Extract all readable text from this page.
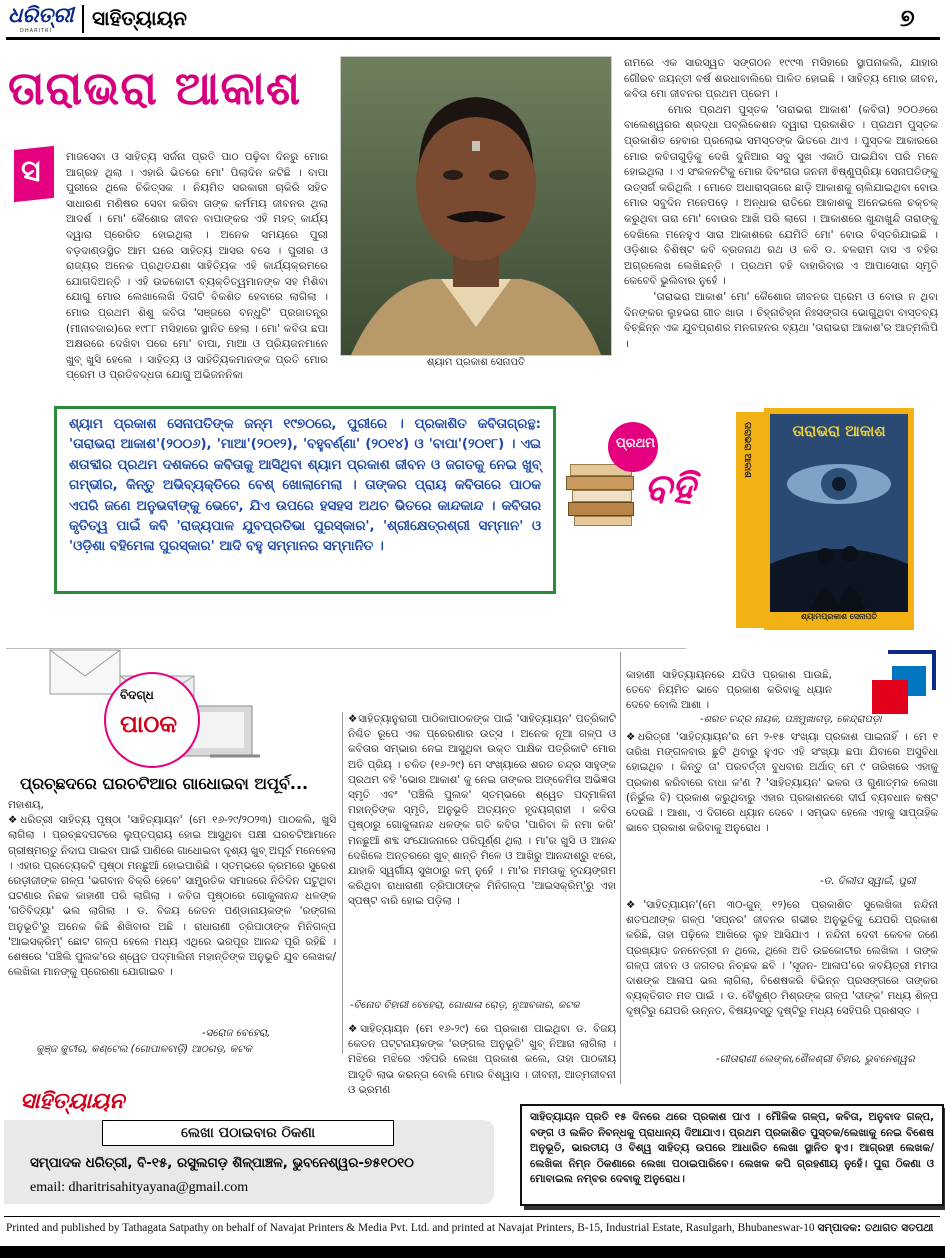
ଧରିତ୍ରୀ
DHARITRI
ସାହିତ୍ୟାୟନ	୭
ତାରାଭରା ଆକାଶ
ସ ମାଜସେବା ଓ ସାହିତ୍ୟ ସର୍ଜନା ପ୍ରତି ପାଠ ପଢ଼ିବା ଦିନରୁ ମୋର ଆଗ୍ରହ ଥିଲା । ଏହାରି ଭିତରେ ମୋ' ପିଲାଦିନ କଟିଛି । ବାପା ପୁରୀରେ ଥିଲେ ଚିକିତ୍ସକ । ନିୟମିତ ସରକାରୀ ଚାକିରି ସହିତ ସାଧାରଣ ମଣିଷର ସେବା କରିବା ତାଙ୍କ କର୍ମମୟ ଜୀବନର ଥିଲା ଆଦର୍ଶ । ମୋ' କୈଶୋର ଜୀବନ ବାପାଙ୍କର ଏହି ମହତ୍ କାର୍ଯ୍ୟ ଦ୍ୱାରା ପ୍ରେରିତ ହୋଇଥିଲା । ଅନେକ ସମୟରେ ପୁରୀ ବଡ଼ଦାଣ୍ଡସ୍ଥିତ ଆମ ଘରେ ସାହିତ୍ୟ ଆସର ବସେ । ପୁରୀର ଓ ରାଜ୍ୟର ଅନେକ ପ୍ରଥିତଯଶା ସାହିତ୍ୟିକ ଏହି କାର୍ଯ୍ୟକ୍ରମରେ ଯୋଗଦିଅନ୍ତି । ଏହି ଉଚ୍ଚକୋଟୀ ବ୍ୟକ୍ତିତ୍ୱମାନଙ୍କ ସହ ମିଶିବା ଯୋଗୁ ମୋର ଲେଖାଲେଖି ଦିଗଟି ବିକଶିତ ହେବାରେ ଲାଗିଲା । ମୋର ପ୍ରଥମ ଶିଶୁ କବିତା 'ସଞ୍ଜରେ ବନ୍ଧୁଟି' ପ୍ରଜାତନ୍ତ୍ର (ମୀନାବଜାର)ରେ ୧୯୮୮ ମସିହାରେ ସ୍ଥାନିତ ହେଲା । ମୋ' କବିତା ଛପା ଅକ୍ଷରରେ ଦେଖିବା ପରେ ମୋ' ବାପା, ମାଆ ଓ ପ୍ରିୟଜନମାନେ ଖୁବ୍ ଖୁସି ହେଲେ । ସାହିତ୍ୟ ଓ ସାହିତ୍ୟିକମାନଙ୍କ ପ୍ରତି ମୋର ପ୍ରେମ ଓ ପ୍ରତିବଦ୍ଧତା ଯୋଗୁ ଅଭିଜନନିକା
ଶ୍ୟାମ ପ୍ରକାଶ ସେନାପତି
ନାମରେ ଏକ ସାରସ୍ୱତ ସଙ୍ଗଠନ ୧୯୯୩ ମସିହାରେ ସ୍ଥାପନାକଲି, ଯାହାର ଗୌରବ ଜୟନ୍ତୀ ବର୍ଷ ଶରଧାବାଲିରେ ପାଳିତ ହୋଇଛି । ସାହିତ୍ୟ ମୋର ଜୀବନ, କବିତା ମୋ ଜୀବନର ପ୍ରଥମ ପ୍ରେମ ।
ମୋର ପ୍ରଥମ ପୁସ୍ତକ 'ତାରାଭରା ଆକାଶ' (କବିତା) ୨୦୦୬ରେ ବାଲେଶ୍ୱରର ଶ୍ରଦ୍ଧା ପବ୍ଲିକେଶନ ଦ୍ୱାରା ପ୍ରକାଶିତ । ପ୍ରଥମ ପୁସ୍ତକ ପ୍ରକାଶିତ ହେବାର ପ୍ରଲୋଭ ସମସ୍ତଙ୍କ ଭିତରେ ଥାଏ । ପୁସ୍ତକ ଆକାରରେ ମୋର କବିତାଗୁଡ଼ିକୁ ଦେଖି ଦୁନିଆର ସବୁ ସୁଖ ଏକାଠି ପାଇଯିବା ପରି ମନେ ହୋଇଥିଲା । ଏ ସଂକଳନଟିକୁ ମୋର ଦିବଂଗତା ଜନନୀ ଵିଷ୍ଣୁପ୍ରିୟା ସେନାପତିଙ୍କୁ ଉତ୍ସର୍ଗ କରିଥିଲି । ମୋତେ ଅଧାରାସ୍ତାରେ ଛାଡ଼ି ଆକାଶକୁ ଚାଲିଯାଇଥିବା ବୋଉ ମୋର ସବୁଦିନ ମନେପଡ଼େ । ଅନ୍ଧାର ରାତିରେ ଆକାଶକୁ ଅନେଇଲେ ଚକ୍‌ଚକ୍ କରୁଥିବା ତାରା ମୋ' ବୋଉର ଆଖି ପରି ଲାଗେ । ଆକାଶରେ ଖୁନ୍ଦାଖୁନ୍ଦି ତାରାଙ୍କୁ ଦେଖିଲେ ମନେହୁଏ ସାରା ଆକାଶରେ ଯେମିତି ମୋ' ବୋଉ ବିସ୍ତରିଯାଇଛି । ଓଡ଼ିଶାର ବିଶିଷ୍ଟ କବି ବ୍ରଜନାଥ ରଥ ଓ କବି ଡ. ବଳରାମ ଦାସ ଏ ବହିର ଅଗ୍ରଲେଖ ଲେଖିଛନ୍ତି । ପ୍ରଥମ ବହି ବାହାରିବାର ଏ ଆପାସୋରା ସ୍ମୃତି କେବେବି ଭୁଲିବାର ନୁହେଁ ।
'ତାରାଭରା ଆକାଶ' ମୋ' କୈଶୋର ଜୀବନର ପ୍ରେମ ଓ ବୋଉ ନ ଥିବା ଦିନଙ୍କର ଲୁହଭରା ଗୀତ ଖାତା । ଚିହ୍ନାଚିହ୍ନା ନିଃସଙ୍ଗତା ଭୋଗୁଥିବା ବାସ୍ତବ୍ୟ ବିଚ୍ଛିନ୍ନ ଏକ ଯୁବପ୍ରାଣର ମନଗହନର ବ୍ୟଥା 'ତାରାଭରା ଆକାଶ'ର ଆତ୍ମଲିପି ।
ଶ୍ୟାମ ପ୍ରକାଶ ସେନାପତିଙ୍କ ଜନ୍ମ ୧୯୭୦ରେ, ପୁରୀରେ । ପ୍ରକାଶିତ କବିତାଗ୍ରନ୍ଥ: 'ତାରାଭରା ଆକାଶ'(୨୦୦୬), 'ମାଆ'(୨୦୧୨), 'ବହୁବର୍ଣ୍ଣା' (୨୦୧୪) ଓ 'ବାପା'(୨୦୧୮) । ଏଇ ଶତାବ୍ଦୀର ପ୍ରଥମ ଦଶକରେ କବିତାକୁ ଆସିଥିବା ଶ୍ୟାମ ପ୍ରକାଶ ଜୀବନ ଓ ଜଗତକୁ ନେଇ ଖୁବ୍ ଗମ୍ଭୀର, କିନ୍ତୁ ଅଭିବ୍ୟକ୍ତିରେ ବେଶ୍ ଖୋଲାମେଲା । ତାଙ୍କର ପ୍ରାୟ କବିତାରେ ପାଠକ ଏପରି ଜଣେ ଅନୁଭବୀଙ୍କୁ ଭେଟେ, ଯିଏ ଉପରେ ହସହସ ଅଥଚ ଭିତରେ କାନ୍ଦକାନ୍ଦ । କବିତାର କୃତିତ୍ୱ ପାଇଁ କବି 'ରାଜ୍ୟପାଳ ଯୁବପ୍ରତିଭା ପୁରସ୍କାର', 'ଶ୍ରୀକ୍ଷେତ୍ରଶ୍ରୀ ସମ୍ମାନ' ଓ 'ଓଡ଼ିଶା ବହିମେଳା ପୁରସ୍କାର' ଆଦି ବହୁ ସମ୍ମାନର ସମ୍ମାନିତ ।
ପ୍ରଥମ
ବହି
ତାରାଭରା ଆକାଶ	ତାରାଭରା ଆକାଶ
ଶ୍ୟାମପ୍ରକାଶ ସେନାପତି
ବିଦଗ୍ଧ
ପାଠକ
ପ୍ରଚ୍ଛଦରେ ଘରଚଟିଆର ଗାଧୋଇବା ଅପୂର୍ବ...
ମହାଶୟ,
❖ଧରିତ୍ରୀ ସାହିତ୍ୟ ପୃଷ୍ଠା 'ସାହିତ୍ୟାୟନ' (ମେ ୧୬-୨୯/୨୦୨୩) ପାଠକଲି, ଖୁସି ଲାଗିଲା । ପ୍ରଚ୍ଛଦପଟରେ ଲୁପ୍ତପ୍ରାୟ ହୋଇ ଆସୁଥିବା ପକ୍ଷୀ ଘରଚଟିଆମାନେ ଗ୍ରୀଷ୍ମଋତୁ ନିଦାଘ ପାଇବା ପାଇଁ ପାଣିରେ ଗାଧୋଇବା ଦୃଶ୍ୟ ଖୁବ୍ ଅପୂର୍ବ ମନେହେଲା । ଏହାର ପ୍ରତ୍ୟେକଟି ପୃଷ୍ଠା ମନଛୁଆଁ ହୋଇପାରିଛି । ସ୍ତମ୍ଭରେ କ୍ରମରେ ସୁରେଶ ରେଡ଼ୀଜୀଙ୍କ ଗଳ୍ପ 'ଭଗବାନ ବିକ୍ରି ହେବେ' ସାମ୍ପ୍ରତିକ ସମାଜରେ ନିତିଦିନ ଘଟୁଥିବା ଘଟଣାର ନିଛକ କାହାଣୀ ପରି ଲାଗିଲା । କବିତା ପୃଷ୍ଠାରେ ଗୋକୁଳାନନ୍ଦ ଧଳଙ୍କ 'ଗତିବିଦ୍ୟା' ଭଲ ଲାଗିଲା । ଡ. ବିଜୟ କେତନ ପଣ୍ଡାନାୟକଙ୍କ 'ରଙ୍ଗଲ ଅନୁଭୂତି'ରୁ ଅନେକ କିଛି ଶିଖିବାର ଅଛି । ରାଧାରାଣୀ ତ୍ରିପାଠୀଙ୍କ ମିନିଗଳ୍ପ 'ଆଇସକ୍ରିମ୍' ଛୋଟ ଗଳ୍ପ ହେଲେ ମଧ୍ୟ ଏଥିରେ ଭରପୂର ଆନନ୍ଦ ପୂରି ରହିଛି । ଶେଷରେ 'ପଞ୍ଚିଲି ପୁଲକ'ରେ ଶ୍ୱେତ ପଦ୍ମାଲିନୀ ମହାନ୍ତିଙ୍କ ଅନୁଭୂତି ଯୁବ ଲେଖକ/ଲେଖିକା ମାନଙ୍କୁ ପ୍ରେରଣା ଯୋଗାଇବ ।
-ସରୋଜ ବେହେରା,
କୁଞ୍ଜ କୁଟୀର, କଣ୍ଟେଲ (ଗୋପାଳବାଡ଼ି) ଆଠଗଡ଼, କଟକ
❖ସାହିତ୍ୟାନୁରାଗୀ ପାଠିକାପାଠକଙ୍କ ପାଇଁ 'ସାହିତ୍ୟାୟନ' ପତ୍ରିକାଟି ନିଶ୍ଚିତ ରୂପେ ଏକ ପ୍ରେରଣାର ଉତ୍ସ । ଅନେକ ନୂଆ ଗଳ୍ପ ଓ କବିତାର ସମ୍ଭାର ନେଇ ଆସୁଥିବା ଉକ୍ତ ପାକ୍ଷିକ ପତ୍ରିକାଟି ମୋର ଅତି ପ୍ରିୟ । ଚଳିତ (୧୬-୨୯) ମେ ସଂଖ୍ୟାରେ ଶରତ ଚନ୍ଦ୍ର ସାହୁଙ୍କ ପ୍ରଥମ ବହି 'ଭୋର ଆକାଶ' କୁ ନେଇ ତାଙ୍କର ଅଙ୍କେମିତା ଅଭିଜ୍ଞତା ସ୍ମୃତି ଏବଂ 'ପଞ୍ଚିଲି ପୁଲକ' ସ୍ତମ୍ଭରେ ଶ୍ୱେତ ପଦ୍ମାଳିନୀ ମହାନ୍ତିଙ୍କ ସ୍ମୃତି, ଅନୁଭୂତି ଅତ୍ୟନ୍ତ ହୃଦୟଗ୍ରାହୀ । କବିତା ପୃଷ୍ଠାରୁ ଗୋକୁଳାନନ୍ଦ ଧଳଙ୍କ ଗତି କବିତା 'ପାରିବା କି ନମା କରି' ମନଛୁଆଁ ଶବ୍ଦ ସଂଯୋଜନାରେ ପରିପୂର୍ଣ୍ଣ ଥିଲା । ମା'ର ଖୁସି ଓ ଆନନ୍ଦ ଦେଖିଲେ ଅନ୍ତରରେ ଖୁବ୍ ଶାନ୍ତି ମିଳେ ଓ ଆଖିରୁ ଆନନ୍ଦାଶ୍ରୁ ଝରେ, ଯାହାକି ସ୍ୱର୍ଗୀୟ ସୁଖଠାରୁ କମ୍ ନୁହେଁ । ମା'ର ମମତାକୁ ହୃଦୟଙ୍ଗମ କରିଥିବା ରାଧାରାଣୀ ତ୍ରିପାଠୀଙ୍କ ମିନିଗଳ୍ପ 'ଆଇସକ୍ରିମ୍'ରୁ ଏହା ସ୍ପଷ୍ଟ ବାରି ହୋଇ ପଡ଼ିଲା ।
-ବିନୋଦ ବିହାରୀ ବେହେରା, ଗୋଶାଳା ରୋଡ଼, ନୂଆବଜାର, କଟକ
❖ସାହିତ୍ୟାୟନ (ମେ ୧୬-୨୯) ରେ ପ୍ରକାଶ ପାଇଥିବା ଡ. ବିଜୟ କେତନ ପଟ୍ଟନାୟକଙ୍କ 'ରଙ୍ଗଲ ଅନୁଭୂତି' ଖୁବ୍ ନିଆରା ଲାଗିଲା । ମଝିରେ ମଝିରେ ଏହିପରି ଲେଖା ପ୍ରକାଶ କଲେ, ତାହା ପାଠକୀୟ ଆଦୃତି ଲାଭ କରନ୍ତା ବୋଲି ମୋର ବିଶ୍ୱାସ । ଜୀବନୀ, ଆତ୍ମଜୀବନୀ ଓ ଭ୍ରମଣ
କାହାଣୀ ସାହିତ୍ୟାୟନରେ ଯଦିଓ ପ୍ରକାଶ ପାଉଛି, ତେବେ ନିୟମିତ ଭାବେ ପ୍ରକାଶ କରିବାକୁ ଧ୍ୟାନ ଦେବେ ବୋଲି ଆଶା ।
-ଶରତ ଚନ୍ଦ୍ର ନାୟକ, ପଞ୍ଚମୁଖାଗଡ଼, କେନ୍ଦ୍ରାପଡ଼ା
❖ଧରିତ୍ରୀ 'ସାହିତ୍ୟାୟନ'ର ମେ ୨-୧୫ ସଂଖ୍ୟା ପ୍ରକାଶ ପାଇନାହିଁ । ମେ ୧ ତାରିଖ ମଙ୍ଗଳବାର ଛୁଟି ଥିବାରୁ ହୁଏତ ଏହି ସଂଖ୍ୟା ଛପା ଯିବାରେ ଅସୁବିଧା ହୋଇଥିବ । କିନ୍ତୁ ତା' ପରବର୍ତ୍ତୀ ବୁଧବାର ଅର୍ଥାତ୍ ମେ ୯ ତାରିଖରେ ଏହାକୁ ପ୍ରକାଶ କରିବାରେ ବାଧା କ'ଣ ? 'ସାହିତ୍ୟାୟନ' ଭଳର ଓ ଗୁଣାତ୍ମକ ଲେଖା (ନିର୍ଭୁଲ ବି) ପ୍ରକାଶ କରୁଥିବାରୁ ଏହାର ପ୍ରକାଶନରେ ଦୀର୍ଘ ବ୍ୟବଧାନ କଷ୍ଟ ଦେଉଛି । ଆଶା, ଏ ଦିଗରେ ଧ୍ୟାନ ଦେବେ । ସମ୍ଭବ ହେଲେ ଏହାକୁ ସାପ୍ତାହିକ ଭାବେ ପ୍ରକାଶ କରିବାକୁ ଅନୁରୋଧ ।
-ଡ. ଦିଲୀପ ସ୍ୱାଇଁ, ପୁରୀ
❖'ସାହିତ୍ୟାୟନ'(ମେ ୩୦-ଜୁନ୍ ୧୨)ରେ ପ୍ରକାଶିତ ସୁଲେଖିକା ନନ୍ଦିନୀ ଶତପଥୀଙ୍କ ଗଳ୍ପ 'ସପ୍ନର' ଜୀବନର ଗଭୀର ଅନୁଭୂତିକୁ ଯେପରି ପ୍ରକାଶ କରିଛି, ତାହା ପଢ଼ିଲେ ଆଖିରେ ଲୁହ ଆସିଯାଏ । ନନ୍ଦିନୀ ଦେବୀ କେବଳ ଜଣେ ପ୍ରଖ୍ୟାତ ଜନନେତ୍ରୀ ନ ଥିଲେ, ଥିଲେ ଅତି ଉଚ୍ଚକୋଟୀର ଲେଖିକା । ତାଙ୍କ ଗଳ୍ପ ଜୀବନ ଓ ଜଗତର ନିଚ୍ଛକ ଛବି । 'ସୃଜନ- ଆଳାପ'ରେ କବୟିତ୍ରୀ ମମତା ଦାଶଙ୍କ ଆଳାପ ଭଲ ଲାଗିଲା, ବିଶେଷକରି ବିଭିନ୍ନ ପ୍ରସଙ୍ଗରେ ତାଙ୍କର ବ୍ୟକ୍ତିଗତ ମତ ପାଇଁ । ଡ. ବୈକୁଣ୍ଠ ମିଶ୍ରଙ୍କ ଗଳ୍ପ 'ଦୀଙ୍କ' ମଧ୍ୟ ଶିଳ୍ପ ଦୃଷ୍ଟିରୁ ଯେପରି ଉନ୍ନତ, ବିଷୟବସ୍ତୁ ଦୃଷ୍ଟିରୁ ମଧ୍ୟ ସେହିପରି ପ୍ରଶସ୍ତ ।
-ଗୀତାରାଣୀ ଲେଙ୍କା,ଶୈଳଶ୍ରୀ ବିହାର, ଭୁବନେଶ୍ୱର
ସାହିତ୍ୟାୟନ
ଲେଖା ପଠାଇବାର ଠିକଣା
ସମ୍ପାଦକ ଧରିତ୍ରୀ, ବି-୧୫, ରସୁଲଗଡ଼ ଶିଳ୍ପାଞ୍ଚଳ, ଭୁବନେଶ୍ୱର-୭୫୧୦୧୦
email: dharitrisahityayana@gmail.com
ସାହିତ୍ୟାୟନ ପ୍ରତି ୧୫ ଦିନରେ ଥରେ ପ୍ରକାଶ ପାଏ । ମୌଳିକ ଗଳ୍ପ, କବିତା, ଅନୁବାଦ ଗଳ୍ପ, ବଙ୍ଗ ଓ ଲଳିତ ନିବନ୍ଧକୁ ପ୍ରାଧାନ୍ୟ ଦିଆଯାଏ। ପ୍ରଥମ ପ୍ରକାଶିତ ପୁସ୍ତକ/ଲେଖାକୁ ନେଇ ବିଶେଷ ଅନୁଭୂତି, ଭାରତୀୟ ଓ ବିଶ୍ୱ ସାହିତ୍ୟ ଉପରେ ଆଧାରିତ ଲେଖା ସ୍ଥାନିତ ହୁଏ। ଆଗ୍ରହୀ ଲେଖକ/ଲେଖିକା ନିମ୍ନ ଠିକଣାରେ ଲେଖା ପଠାଇପାରିବେ। ଲେଖକ କପି ଗ୍ରହଣୀୟ ନୁହେଁ। ପୁରା ଠିକଣା ଓ ମୋବାଇଲ ନମ୍ବର ଦେବାକୁ ଅନୁରୋଧ।
Printed and published by Tathagata Satpathy on behalf of Navajat Printers & Media Pvt. Ltd. and printed at Navajat Printers, B-15, Industrial Estate, Rasulgarh, Bhubaneswar-10 ସମ୍ପାଦକ: ତଥାଗତ ସତପଥୀ
